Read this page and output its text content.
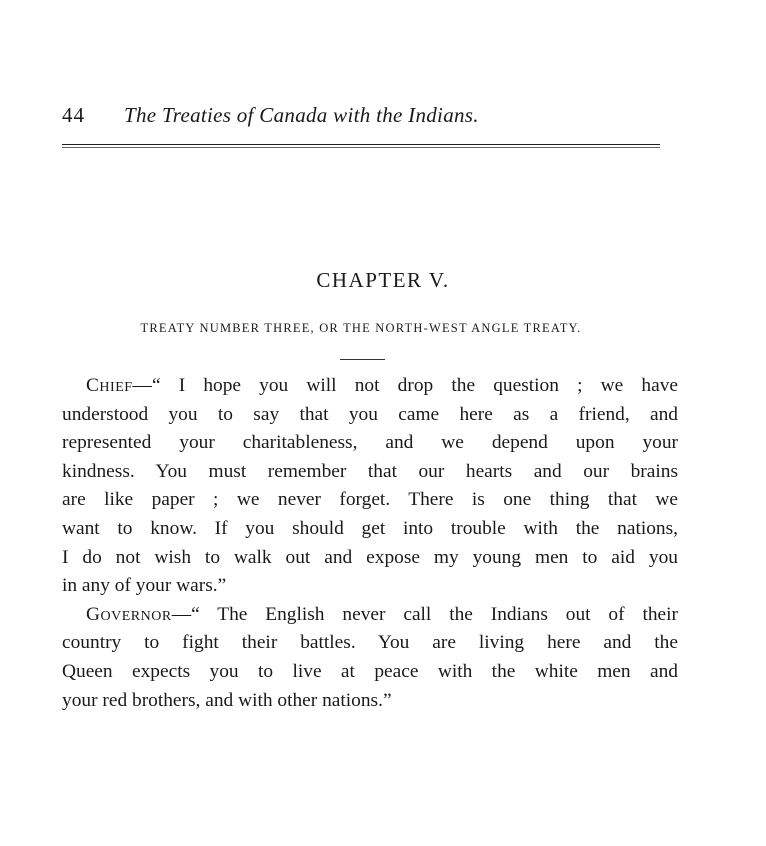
44 The Treaties of Canada with the Indians.
CHAPTER V.
TREATY NUMBER THREE, OR THE NORTH-WEST ANGLE TREATY.

Chief—“ I hope you will not drop the question ; we have
understood you to say that you came here as a friend, and
represented your charitableness, and we depend upon your
kindness. You must remember that our hearts and our brains
are like paper ; we never forget. There is one thing that we
want to know. If you should get into trouble with the nations,
I do not wish to walk out and expose my young men to aid you
in any of your wars.”

Governor—“ The English never call the Indians out of their
country to fight their battles. You are living here and the
Queen expects you to live at peace with the white men and
your red brothers, and with other nations.”
